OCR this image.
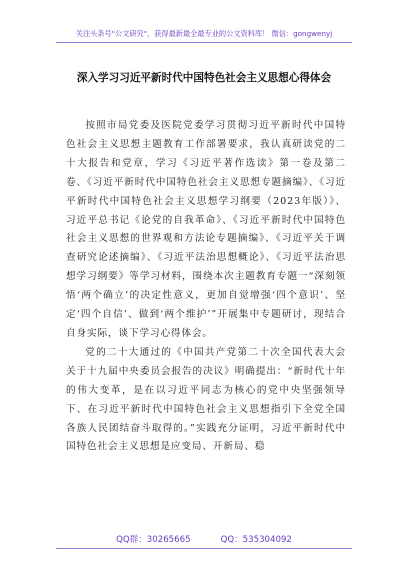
关注头条号"公文研究"，获得最新最全最专业的公文资料库！ 微信：gongwenyj
深入学习习近平新时代中国特色社会主义思想心得体会

按照市局党委及医院党委学习贯彻习近平新时代中国特色社会主义思想主题教育工作部署要求，我认真研读党的二十大报告和党章，学习《习近平著作选读》第一卷及第二卷、《习近平新时代中国特色社会主义思想专题摘编》、《习近平新时代中国特色社会主义思想学习纲要（2023年版）》、习近平总书记《论党的自我革命》、《习近平新时代中国特色社会主义思想的世界观和方法论专题摘编》、《习近平关于调查研究论述摘编》、《习近平法治思想概论》、《习近平法治思想学习纲要》等学习材料，围绕本次主题教育专题一“深刻领悟‘两个确立’的决定性意义，更加自觉增强‘四个意识’、坚定‘四个自信’、做到‘两个维护’”开展集中专题研讨，现结合自身实际，谈下学习心得体会。

党的二十大通过的《中国共产党第二十次全国代表大会关于十九届中央委员会报告的决议》明确提出：“新时代十年的伟大变革，是在以习近平同志为核心的党中央坚强领导下、在习近平新时代中国特色社会主义思想指引下全党全国各族人民团结奋斗取得的。”实践充分证明，习近平新时代中国特色社会主义思想是应变局、开新局、稳

QQ群：30265665	QQ：535304092
